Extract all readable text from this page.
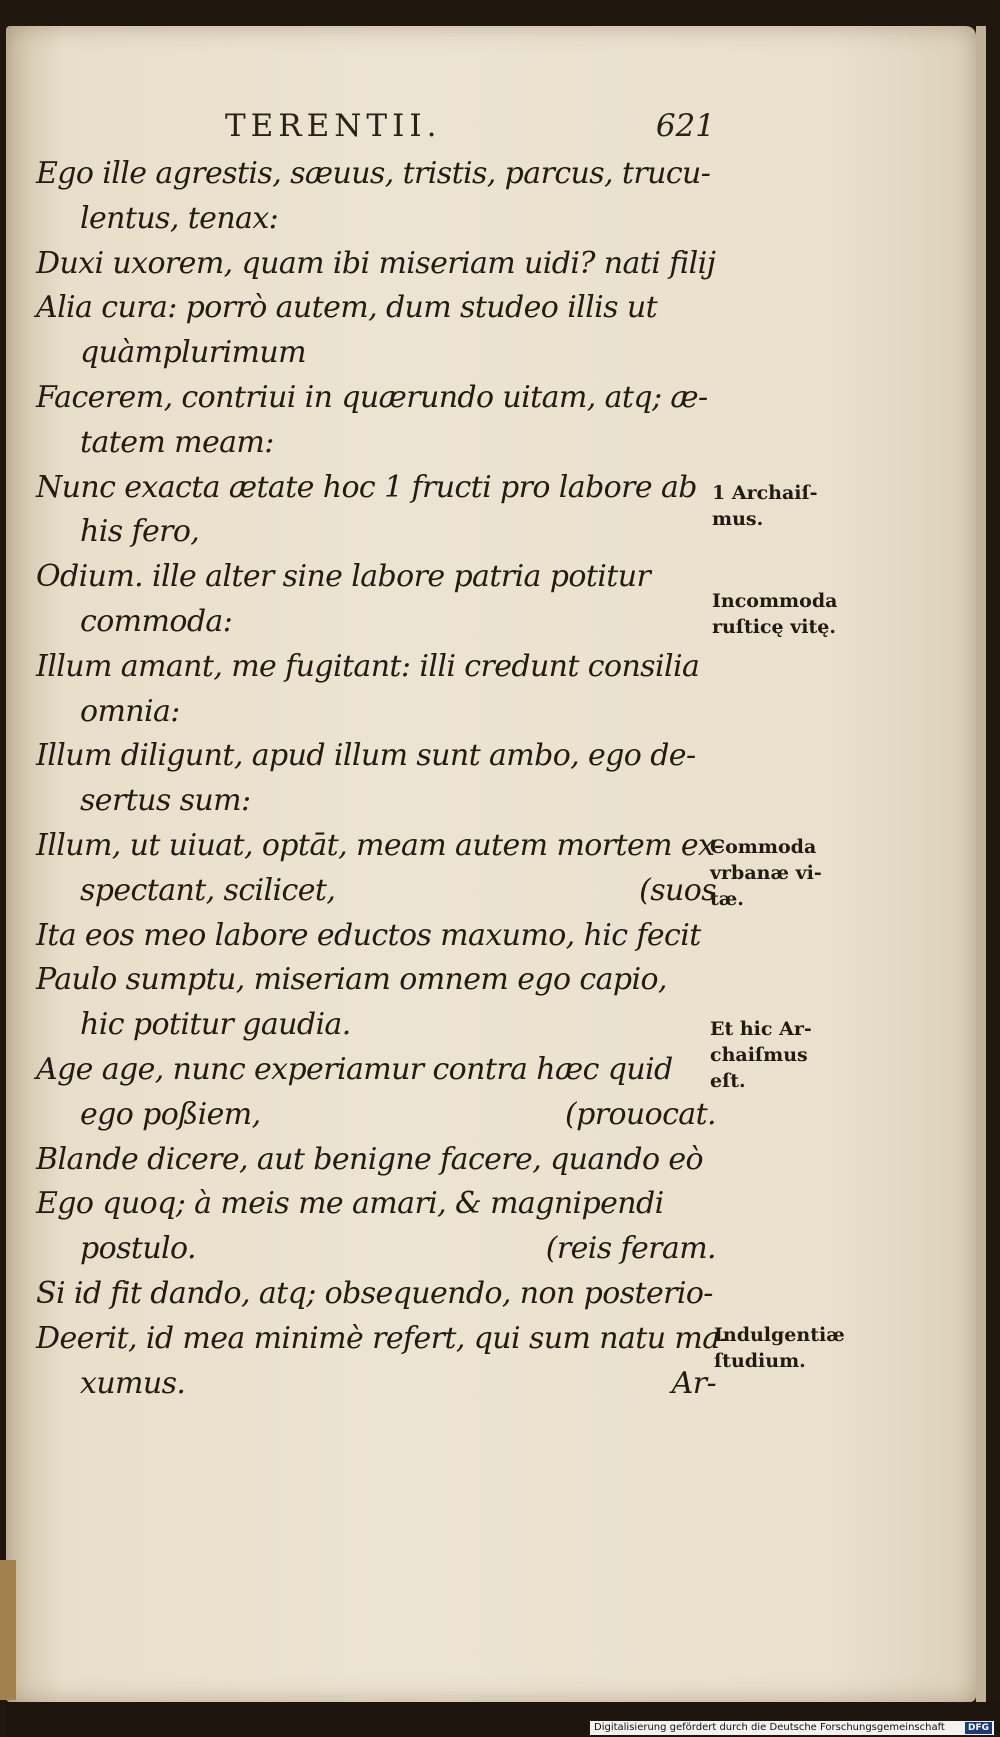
TERENTII.	621
Ego ille agrestis, sæuus, tristis, parcus, trucu-
lentus, tenax:
Duxi uxorem, quam ibi miseriam uidi? nati filij
Alia cura: porrò autem, dum studeo illis ut
quàmplurimum
Facerem, contriui in quærundo uitam, atq; æ-
tatem meam:
Nunc exacta ætate hoc 1 fructi pro labore ab
his fero,
Odium. ille alter sine labore patria potitur
commoda:
Illum amant, me fugitant: illi credunt consilia
omnia:
Illum diligunt, apud illum sunt ambo, ego de-
sertus sum:
Illum, ut uiuat, optāt, meam autem mortem ex-
spectant, scilicet,	(suos
Ita eos meo labore eductos maxumo, hic fecit
Paulo sumptu, miseriam omnem ego capio,
hic potitur gaudia.
Age age, nunc experiamur contra hæc quid
ego poßiem,	(prouocat.
Blande dicere, aut benigne facere, quando eò
Ego quoq; à meis me amari, & magnipendi
postulo.	(reis feram.
Si id fit dando, atq; obsequendo, non posterio-
Deerit, id mea minimè refert, qui sum natu ma-
xumus.	Ar-
1 Archaiſ-
mus.
Incommoda
ruſticę vitę.
Commoda
vrbanæ vi-
tæ.
Et hic Ar-
chaiſmus
eſt.
Indulgentiæ
ſtudium.
Digitalisierung gefördert durch die Deutsche Forschungsgemeinschaft	DFG
